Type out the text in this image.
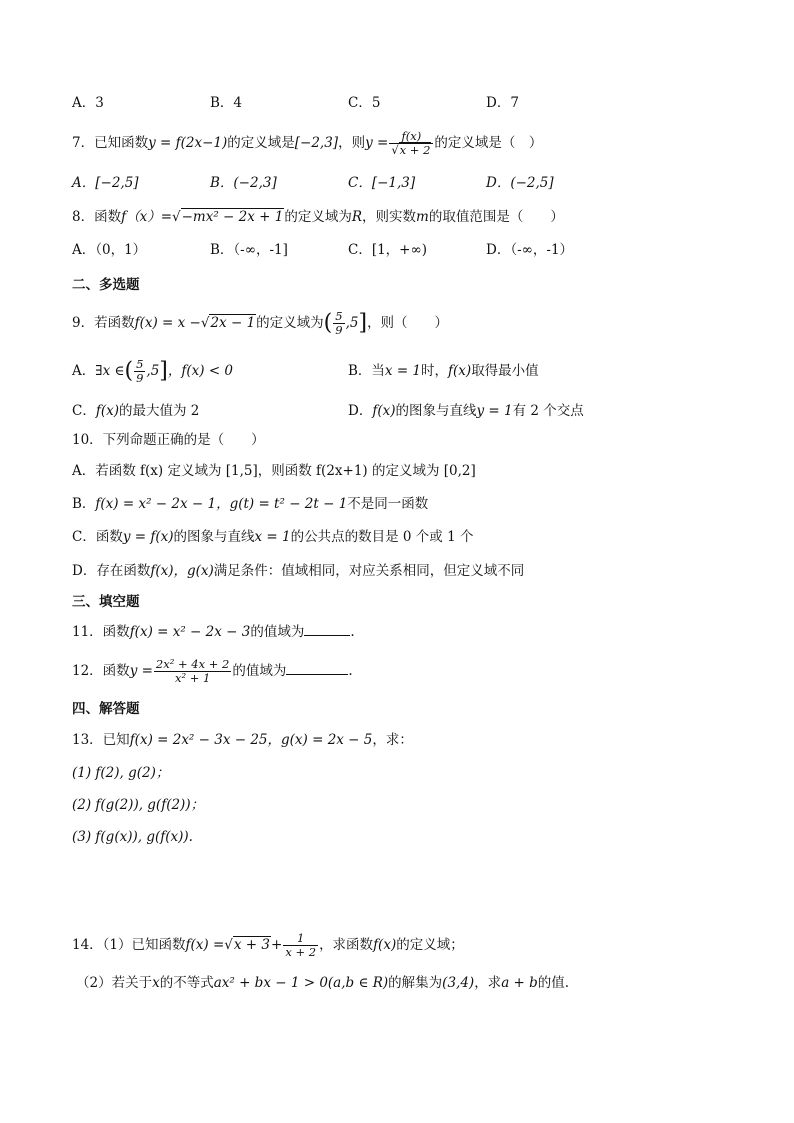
A．3	B．4	C．5	D．7
7．已知函数y = f(2x−1)的定义域是[−2,3]，则$y = \frac{f(x)}{√x + 2}$ 的定义域是（　）
A．[−2,5]	B．(−2,3]	C．[−1,3]	D．(−2,5]
8．函数f（x）=√−mx² − 2x + 1的定义域为R，则实数m的取值范围是（　　）
A．（0，1）	B．（-∞，-1]	C．[1，+∞)	D．（-∞，-1）
二、多选题
9．若函数f(x) = x −√2x − 1的定义域为( $\frac{5}{9} ,5$]，则（　　）
A．∃x ∈( $\frac{5}{9} ,5$]，f(x) < 0	B．当x = 1时，f(x)取得最小值
C．f(x)的最大值为 2	D．f(x)的图象与直线y = 1有 2 个交点
10．下列命题正确的是（　　）
A．若函数 f(x) 定义域为 [1,5]，则函数 f(2x+1) 的定义域为 [0,2]
B．f(x) = x² − 2x − 1，g(t) = t² − 2t − 1不是同一函数
C．函数y = f(x)的图象与直线x = 1的公共点的数目是 0 个或 1 个
D．存在函数f(x)，g(x)满足条件：值域相同，对应关系相同，但定义域不同
三、填空题
11．函数f(x) = x² − 2x − 3的值域为	.
12．函数$y = \frac{\text{2x² + 4x + 2}}{\text{x² + 1}}$ 的值域为	.
四、解答题
13．已知f(x) = 2x² − 3x − 25，g(x) = 2x − 5，求：
(1) f(2), g(2)；
(2) f(g(2)), g(f(2))；
(3) f(g(x)), g(f(x)).
14．（1）已知函数$f(x) =√x + 3+ \frac{1}{x + 2}$ ，求函数f(x)的定义域；
（2）若关于x的不等式ax² + bx − 1 > 0(a,b ∈ R)的解集为(3,4)，求a + b的值.
